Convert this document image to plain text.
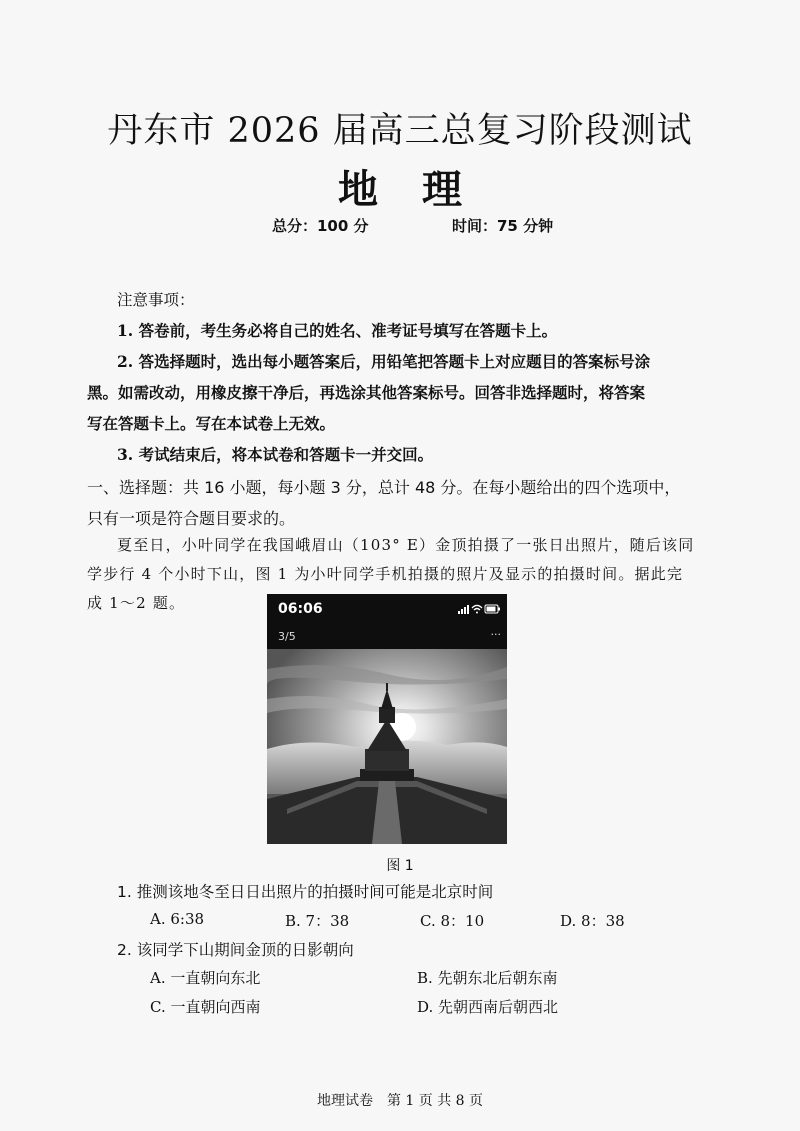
丹东市 2026 届高三总复习阶段测试
地理
总分：100 分	时间：75 分钟
注意事项：
1. 答卷前，考生务必将自己的姓名、准考证号填写在答题卡上。
2. 答选择题时，选出每小题答案后，用铅笔把答题卡上对应题目的答案标号涂
黑。如需改动，用橡皮擦干净后，再选涂其他答案标号。回答非选择题时，将答案
写在答题卡上。写在本试卷上无效。
3. 考试结束后，将本试卷和答题卡一并交回。
一、选择题：共 16 小题，每小题 3 分，总计 48 分。在每小题给出的四个选项中，
只有一项是符合题目要求的。
夏至日，小叶同学在我国峨眉山（103° E）金顶拍摄了一张日出照片，随后该同
学步行 4 个小时下山，图 1 为小叶同学手机拍摄的照片及显示的拍摄时间。据此完
成 1～2 题。	06:06
3/5	···
图 1
1. 推测该地冬至日日出照片的拍摄时间可能是北京时间
A. 6:38	B. 7：38	C. 8：10	D. 8：38
2. 该同学下山期间金顶的日影朝向
A. 一直朝向东北	B. 先朝东北后朝东南
C. 一直朝向西南	D. 先朝西南后朝西北
地理试卷　第 1 页 共 8 页
